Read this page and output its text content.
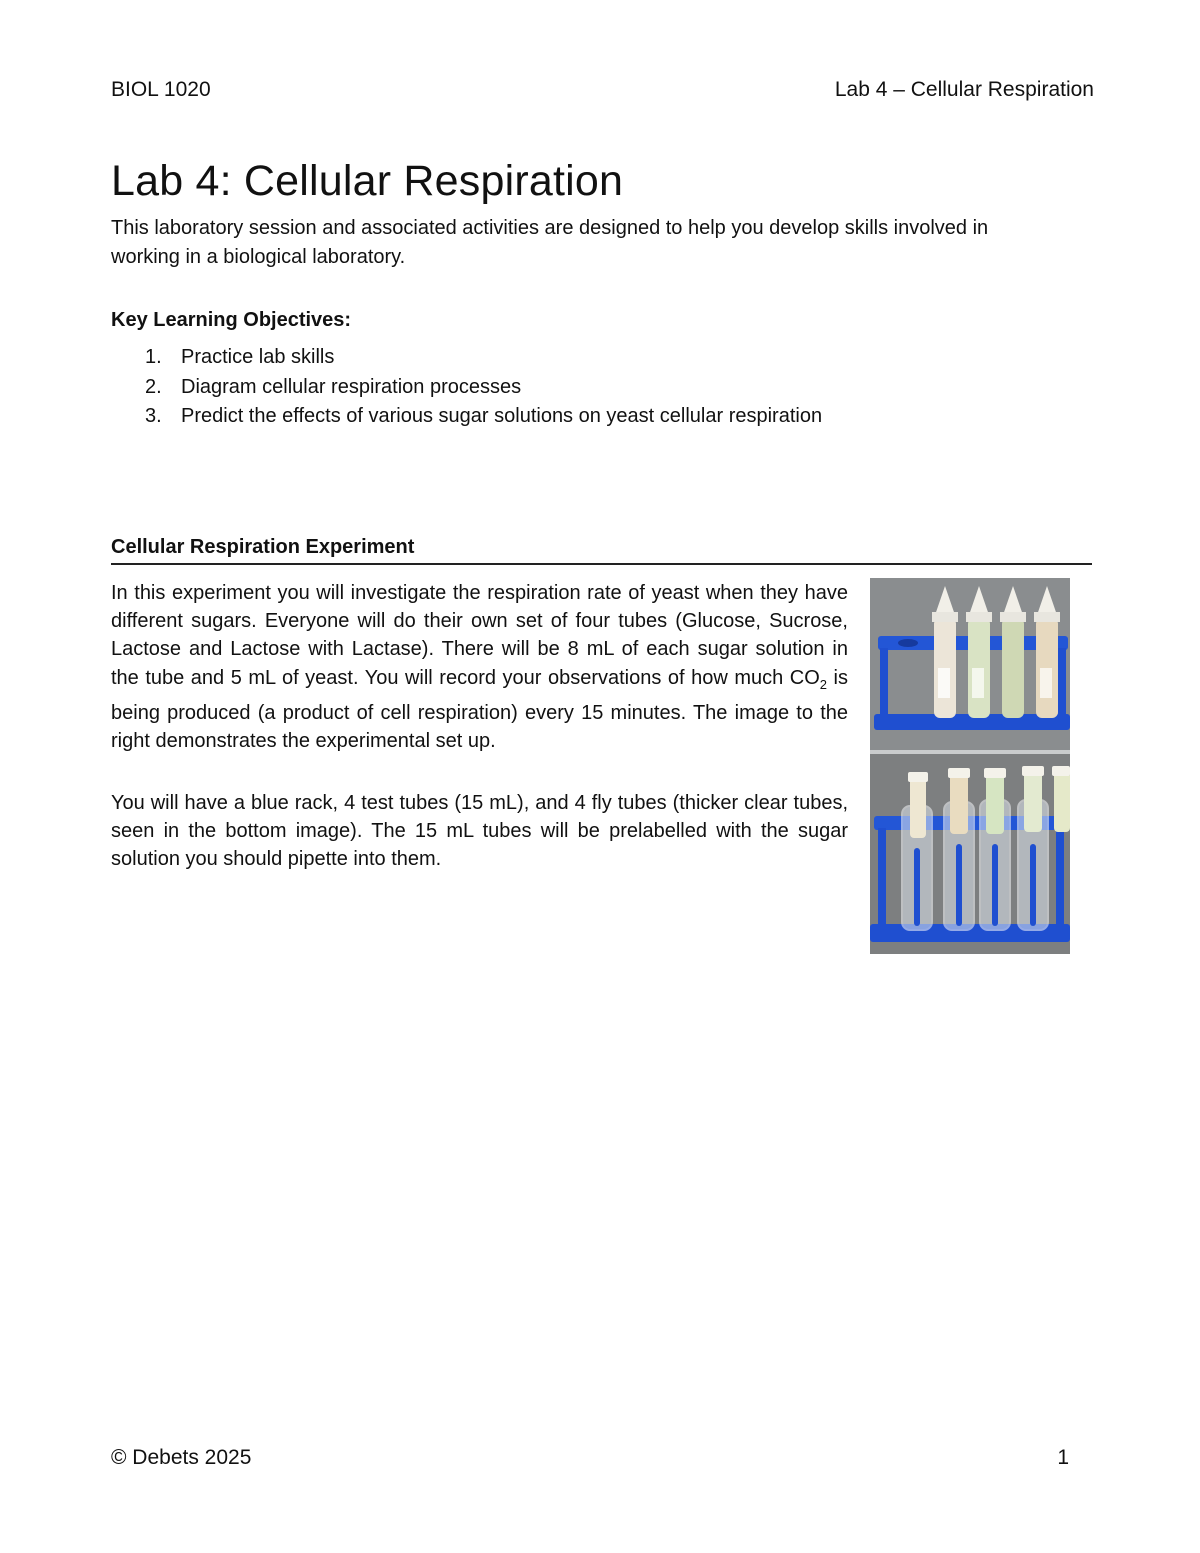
BIOL 1020	Lab 4 – Cellular Respiration
Lab 4: Cellular Respiration

This laboratory session and associated activities are designed to help you develop skills involved in working in a biological laboratory.

Key Learning Objectives:

1. Practice lab skills
2. Diagram cellular respiration processes
3. Predict the effects of various sugar solutions on yeast cellular respiration

Cellular Respiration Experiment

In this experiment you will investigate the respiration rate of yeast when they have different sugars. Everyone will do their own set of four tubes (Glucose, Sucrose, Lactose and Lactose with Lactase). There will be 8 mL of each sugar solution in the tube and 5 mL of yeast. You will record your observations of how much $CO_2$ is being produced (a product of cell respiration) every 15 minutes. The image to the right demonstrates the experimental set up.

You will have a blue rack, 4 test tubes (15 mL), and 4 fly tubes (thicker clear tubes, seen in the bottom image). The 15 mL tubes will be prelabelled with the sugar solution you should pipette into them.

© Debets 2025	1
